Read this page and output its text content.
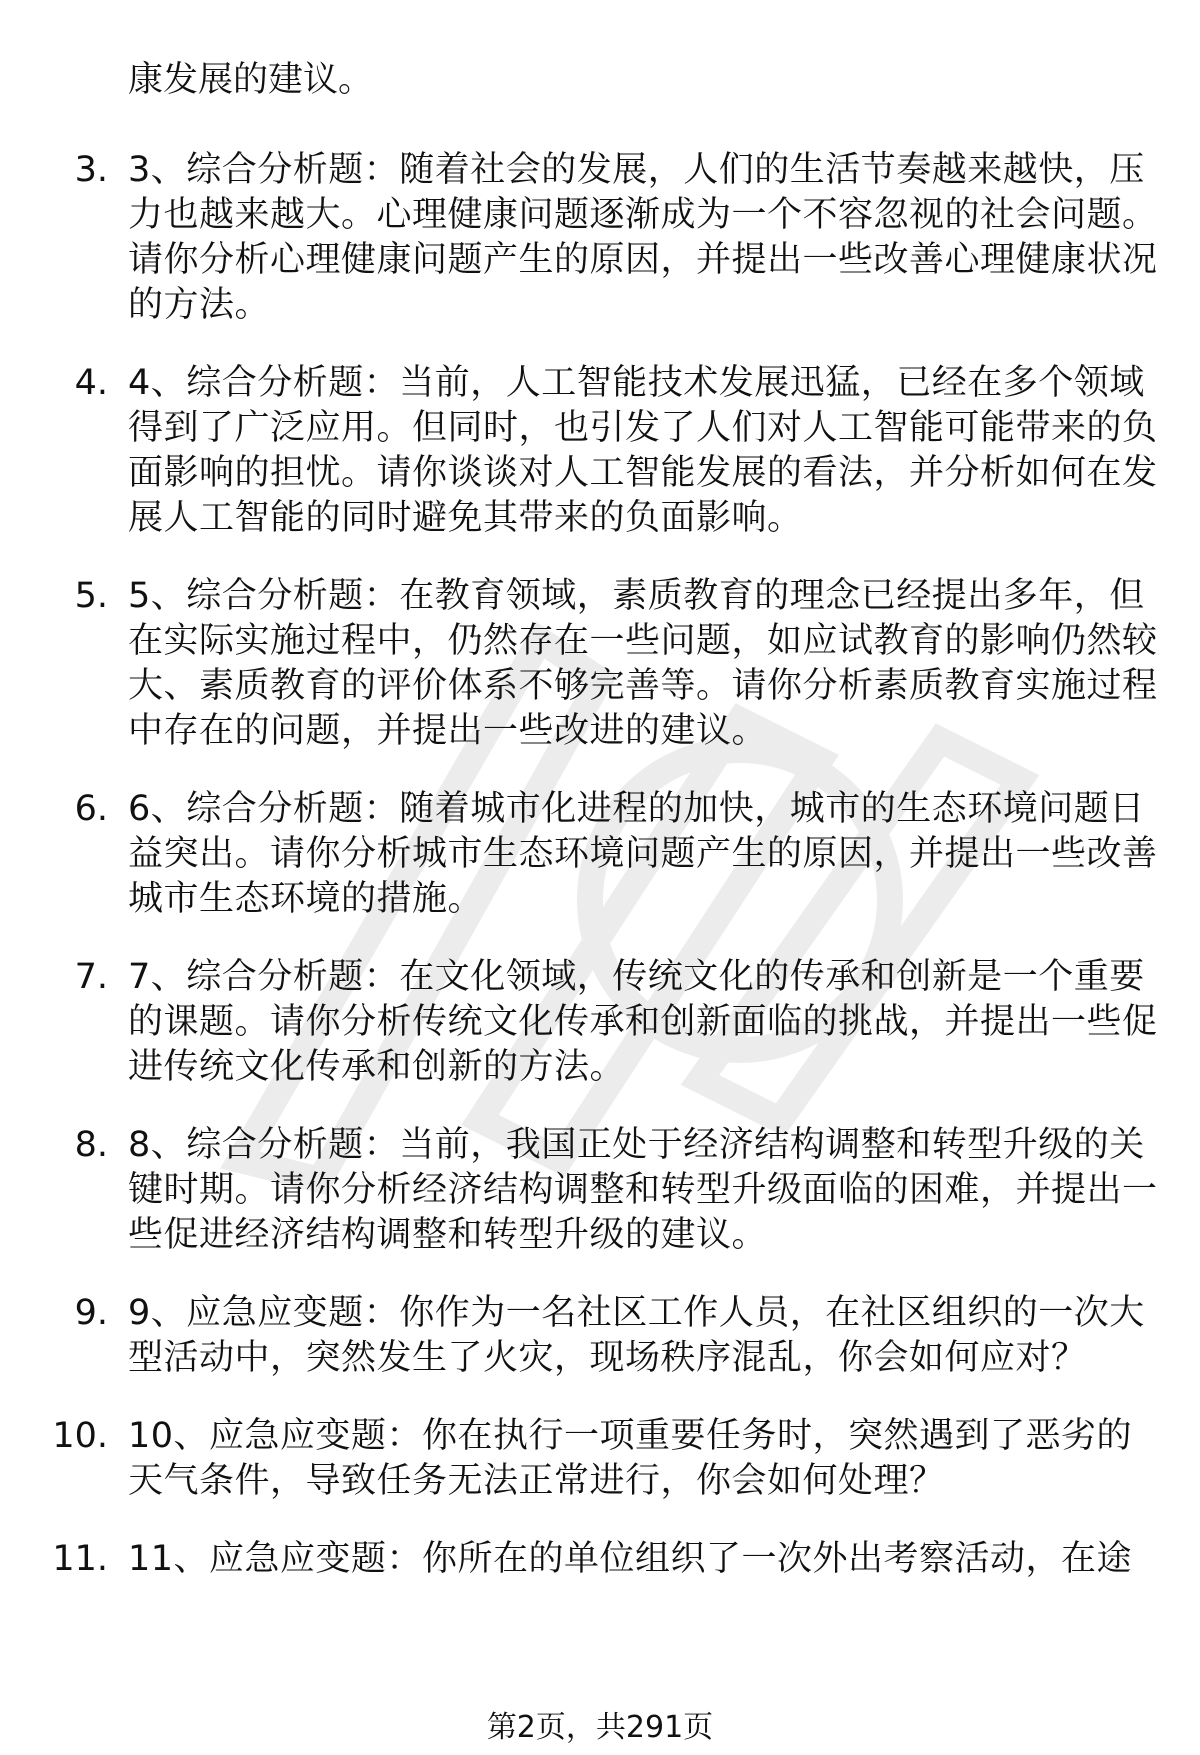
康发展的建议。
3. 3、综合分析题：随着社会的发展，人们的生活节奏越来越快，压力也越来越大。心理健康问题逐渐成为一个不容忽视的社会问题。请你分析心理健康问题产生的原因，并提出一些改善心理健康状况的方法。
4. 4、综合分析题：当前，人工智能技术发展迅猛，已经在多个领域得到了广泛应用。但同时，也引发了人们对人工智能可能带来的负面影响的担忧。请你谈谈对人工智能发展的看法，并分析如何在发展人工智能的同时避免其带来的负面影响。
5. 5、综合分析题：在教育领域，素质教育的理念已经提出多年，但在实际实施过程中，仍然存在一些问题，如应试教育的影响仍然较大、素质教育的评价体系不够完善等。请你分析素质教育实施过程中存在的问题，并提出一些改进的建议。
6. 6、综合分析题：随着城市化进程的加快，城市的生态环境问题日益突出。请你分析城市生态环境问题产生的原因，并提出一些改善城市生态环境的措施。
7. 7、综合分析题：在文化领域，传统文化的传承和创新是一个重要的课题。请你分析传统文化传承和创新面临的挑战，并提出一些促进传统文化传承和创新的方法。
8. 8、综合分析题：当前，我国正处于经济结构调整和转型升级的关键时期。请你分析经济结构调整和转型升级面临的困难，并提出一些促进经济结构调整和转型升级的建议。
9. 9、应急应变题：你作为一名社区工作人员，在社区组织的一次大型活动中，突然发生了火灾，现场秩序混乱，你会如何应对？
10. 10、应急应变题：你在执行一项重要任务时，突然遇到了恶劣的天气条件，导致任务无法正常进行，你会如何处理？
11. 11、应急应变题：你所在的单位组织了一次外出考察活动，在途
第2页，共291页
